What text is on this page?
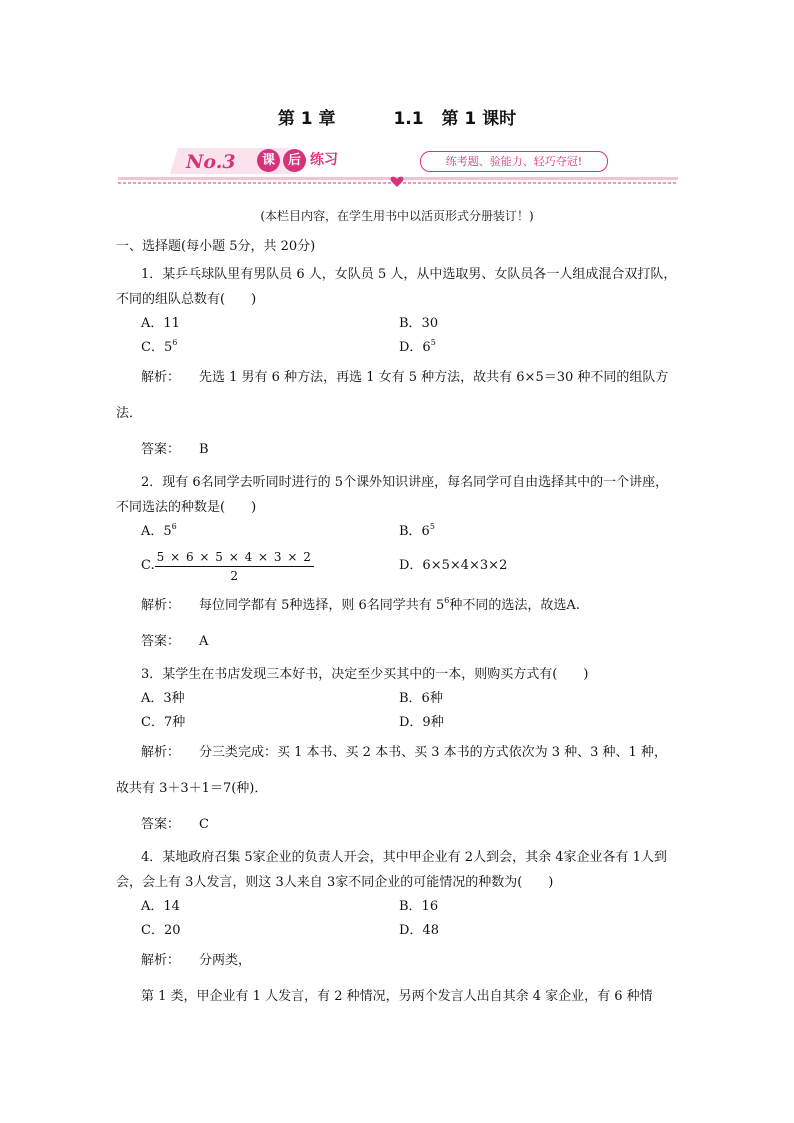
第 1 章	1.1 第 1 课时
No.3	课 后 练习	练考题、验能力、轻巧夺冠!
(本栏目内容，在学生用书中以活页形式分册装订！)

一、选择题(每小题 5分，共 20分)

1．某乒乓球队里有男队员 6 人，女队员 5 人，从中选取男、女队员各一人组成混合双打队，不同的组队总数有(　　)

A．11	B．30
C．$5^6$	D．$6^5$

解析： 先选 1 男有 6 种方法，再选 1 女有 5 种方法，故共有 6×5＝30 种不同的组队方

法．

答案： B

2．现有 6名同学去听同时进行的 5个课外知识讲座，每名同学可自由选择其中的一个讲座，不同选法的种数是(　　)

A．$5^6$	B．$6^5$
C. $\frac{5 \times 6 \times 5 \times 4 \times 3 \times 2}{2}$	D．6×5×4×3×2

解析： 每位同学都有 5种选择，则 6名同学共有 $5^6$种不同的选法，故选A.

答案： A

3．某学生在书店发现三本好书，决定至少买其中的一本，则购买方式有(　　)

A．3种	B．6种
C．7种	D．9种

解析： 分三类完成：买 1 本书、买 2 本书、买 3 本书的方式依次为 3 种、3 种、1 种，

故共有 3＋3＋1＝7(种)．

答案： C

4．某地政府召集 5家企业的负责人开会，其中甲企业有 2人到会，其余 4家企业各有 1人到会，会上有 3人发言，则这 3人来自 3家不同企业的可能情况的种数为(　　)

A．14	B．16
C．20	D．48

解析： 分两类，

第 1 类，甲企业有 1 人发言，有 2 种情况，另两个发言人出自其余 4 家企业，有 6 种情
